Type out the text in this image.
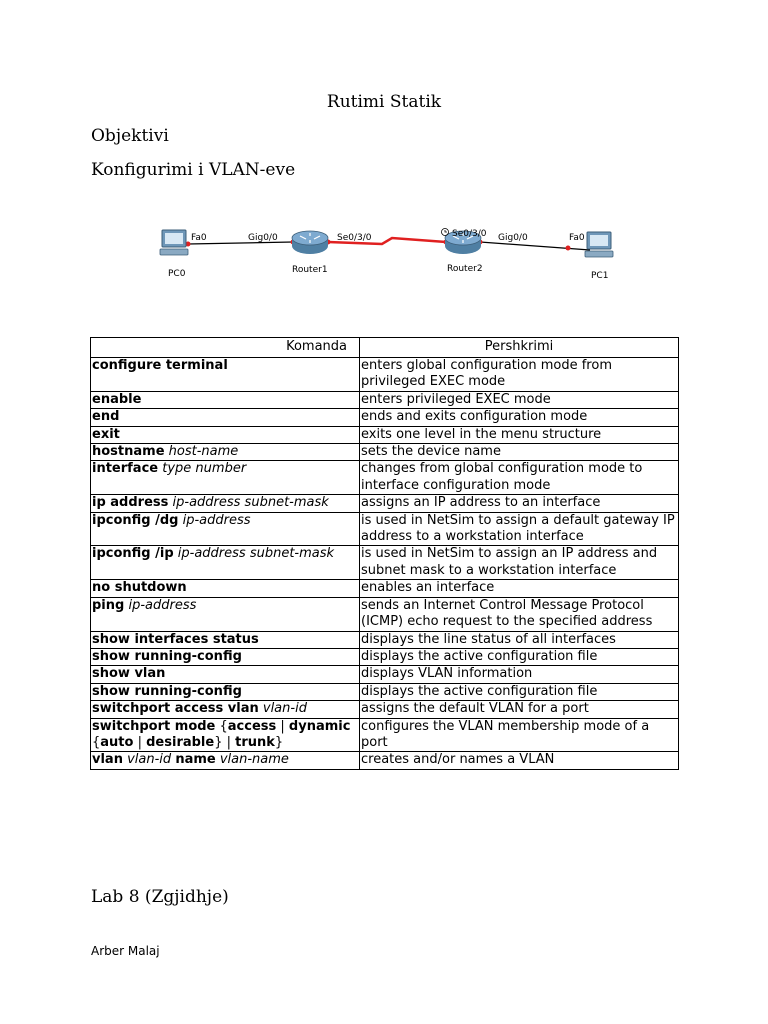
Rutimi Statik
Objektivi
Konfigurimi i VLAN-eve
Fa0
PC0
Gig0/0	Se0/3/0
Router1
Se0/3/0 Gig0/0
Router2
Fa0
PC1
Komanda	Pershkrimi
configure terminal	enters global configuration mode from privileged EXEC mode
enable	enters privileged EXEC mode
end	ends and exits configuration mode
exit	exits one level in the menu structure
hostname host-name	sets the device name
interface type number	changes from global configuration mode to interface configuration mode
ip address ip-address subnet-mask	assigns an IP address to an interface
ipconfig /dg ip-address	is used in NetSim to assign a default gateway IP address to a workstation interface
ipconfig /ip ip-address subnet-mask	is used in NetSim to assign an IP address and subnet mask to a workstation interface
no shutdown	enables an interface
ping ip-address	sends an Internet Control Message Protocol (ICMP) echo request to the specified address
show interfaces status	displays the line status of all interfaces
show running-config	displays the active configuration file
show vlan	displays VLAN information
show running-config	displays the active configuration file
switchport access vlan vlan-id	assigns the default VLAN for a port
switchport mode {access | dynamic {auto | desirable} | trunk}	configures the VLAN membership mode of a port
vlan vlan-id name vlan-name	creates and/or names a VLAN
Lab 8 (Zgjidhje)
Arber Malaj
